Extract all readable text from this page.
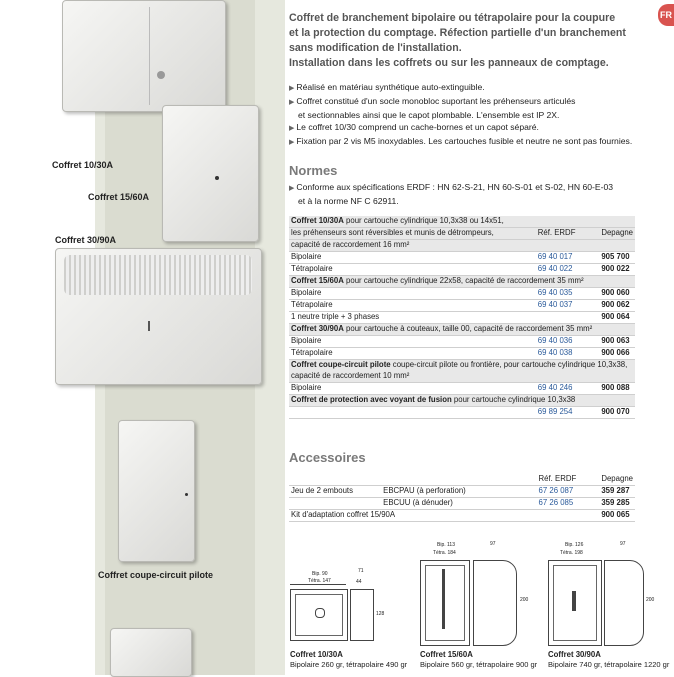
Coffret 10/30A
Coffret 15/60A
Coffret 30/90A
Coffret coupe-circuit pilote
FR
Coffret de branchement bipolaire ou tétrapolaire pour la coupure
et la protection du comptage. Réfection partielle d'un branchement
sans modification de l'installation.
Installation dans les coffrets ou sur les panneaux de comptage.
▶ Réalisé en matériau synthétique auto-extinguible.
▶ Coffret constitué d'un socle monobloc suportant les préhenseurs articulés
et sectionnables ainsi que le capot plombable. L'ensemble est IP 2X.
▶ Le coffret 10/30 comprend un cache-bornes et un capot séparé.
▶ Fixation par 2 vis M5 inoxydables. Les cartouches fusible et neutre ne sont pas fournies.
Normes
▶ Conforme aux spécifications ERDF : HN 62-S-21, HN 60-S-01 et S-02, HN 60-E-03
et à la norme NF C 62911.
Coffret 10/30A pour cartouche cylindrique 10,3x38 ou 14x51,		
les préhenseurs sont réversibles et munis de détrompeurs,	Réf. ERDF	Depagne
capacité de raccordement 16 mm²		
Bipolaire	69 40 017	905 700
Tétrapolaire	69 40 022	900 022
Coffret 15/60A pour cartouche cylindrique 22x58, capacité de raccordement 35 mm²		
Bipolaire	69 40 035	900 060
Tétrapolaire	69 40 037	900 062
1 neutre triple + 3 phases		900 064
Coffret 30/90A pour cartouche à couteaux, taille 00, capacité de raccordement 35 mm²		
Bipolaire	69 40 036	900 063
Tétrapolaire	69 40 038	900 066
Coffret coupe-circuit pilote coupe-circuit pilote ou frontière, pour cartouche cylindrique 10,3x38,		
capacité de raccordement 10 mm²		
Bipolaire	69 40 246	900 088
Coffret de protection avec voyant de fusion pour cartouche cylindrique 10,3x38		
	69 89 254	900 070
Accessoires
		Réf. ERDF	Depagne
Jeu de 2 embouts	EBCPAU (à perforation)	67 26 087	359 287
	EBCUU (à dénuder)	67 26 085	359 285
Kit d'adaptation coffret 15/90A			900 065
Bip. 90
Tétra. 147
71
44
128
Coffret 10/30A
Bipolaire 260 gr, tétrapolaire 490 gr
Bip. 113
Tétra. 184
97
200
Coffret 15/60A
Bipolaire 560 gr, tétrapolaire 900 gr
Bip. 126
Tétra. 198
97
200
Coffret 30/90A
Bipolaire 740 gr, tétrapolaire 1220 gr
